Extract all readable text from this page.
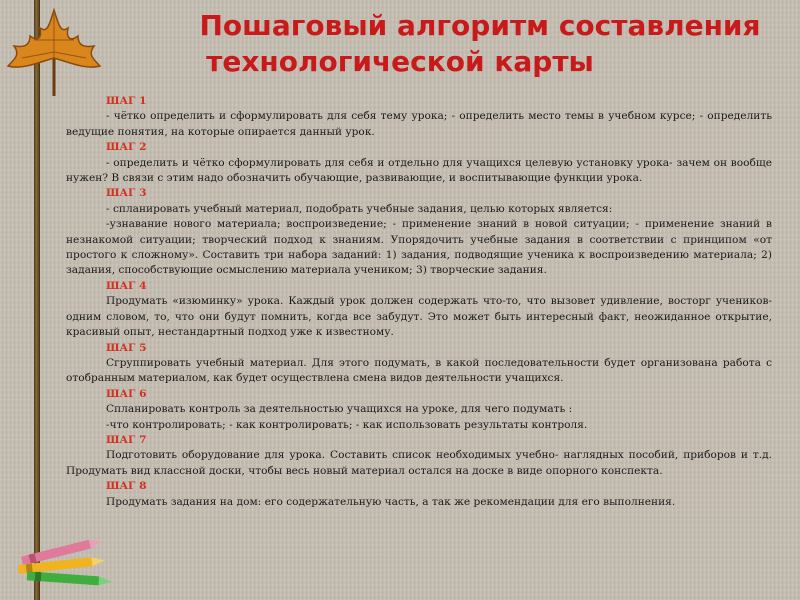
Пошаговый алгоритм составления
технологической карты
ШАГ 1
- чётко определить и сформулировать для себя тему урока; - определить место темы в учебном курсе; - определить ведущие понятия, на которые опирается данный урок.
ШАГ 2
- определить и чётко сформулировать для себя и отдельно для учащихся целевую установку урока- зачем он вообще нужен? В связи с этим надо обозначить обучающие, развивающие, и воспитывающие функции урока.
ШАГ 3
- спланировать учебный материал, подобрать учебные задания, целью которых является:
-узнавание нового материала; воспроизведение; - применение знаний в новой ситуации; - применение знаний в незнакомой ситуации; творческий подход к знаниям. Упорядочить учебные задания в соответствии с принципом «от простого к сложному». Составить три набора заданий: 1) задания, подводящие ученика к воспроизведению материала; 2) задания, способствующие осмыслению материала учеником; 3) творческие задания.
ШАГ 4
Продумать «изюминку» урока. Каждый урок должен содержать что-то, что вызовет удивление, восторг учеников- одним словом, то, что они будут помнить, когда все забудут. Это может быть интересный факт, неожиданное открытие, красивый опыт, нестандартный подход уже к известному.
ШАГ 5
Сгруппировать учебный материал. Для этого подумать, в какой последовательности будет организована работа с отобранным материалом, как будет осуществлена смена видов деятельности учащихся.
ШАГ 6
Спланировать контроль за деятельностью учащихся на уроке, для чего подумать :
-что контролировать; - как контролировать; - как использовать результаты контроля.
ШАГ 7
Подготовить оборудование для урока. Составить список необходимых учебно- наглядных пособий, приборов и т.д. Продумать вид классной доски, чтобы весь новый материал остался на доске в виде опорного конспекта.
ШАГ 8
Продумать задания на дом: его содержательную часть, а так же рекомендации для его выполнения.
